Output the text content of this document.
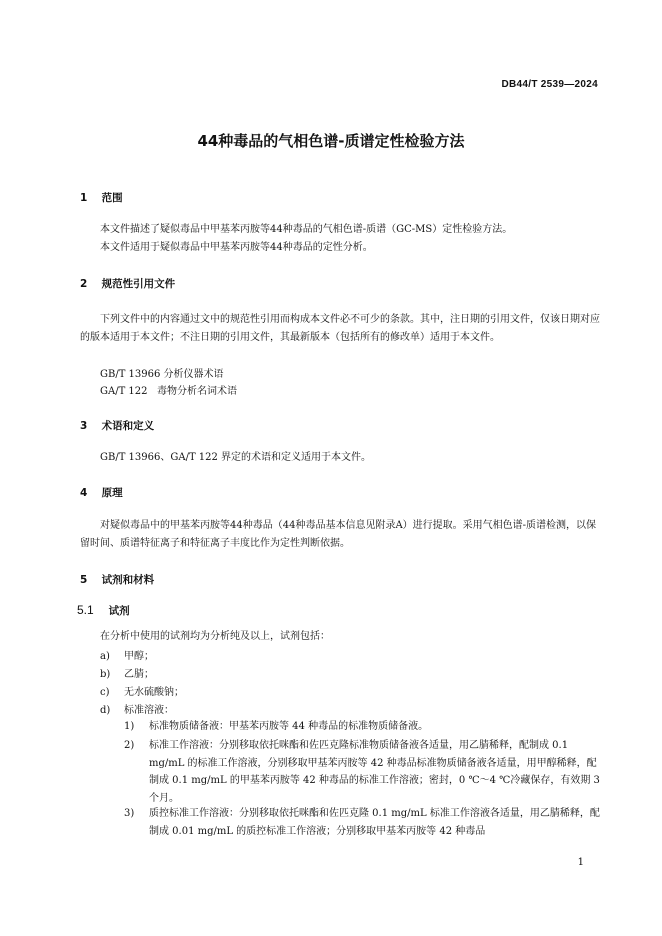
DB44/T 2539—2024
44种毒品的气相色谱-质谱定性检验方法
1 范围
本文件描述了疑似毒品中甲基苯丙胺等44种毒品的气相色谱-质谱（GC-MS）定性检验方法。
本文件适用于疑似毒品中甲基苯丙胺等44种毒品的定性分析。
2 规范性引用文件
下列文件中的内容通过文中的规范性引用而构成本文件必不可少的条款。其中，注日期的引用文件，仅该日期对应的版本适用于本文件；不注日期的引用文件，其最新版本（包括所有的修改单）适用于本文件。
GB/T 13966 分析仪器术语
GA/T 122   毒物分析名词术语
3 术语和定义
GB/T 13966、GA/T 122 界定的术语和定义适用于本文件。
4 原理
对疑似毒品中的甲基苯丙胺等44种毒品（44种毒品基本信息见附录A）进行提取。采用气相色谱-质谱检测，以保留时间、质谱特征离子和特征离子丰度比作为定性判断依据。
5 试剂和材料
5.1 试剂
在分析中使用的试剂均为分析纯及以上，试剂包括：
a) 甲醇；
b) 乙腈；
c) 无水硫酸钠；
d) 标准溶液：
1) 标准物质储备液：甲基苯丙胺等 44 种毒品的标准物质储备液。
2) 标准工作溶液：分别移取依托咪酯和佐匹克隆标准物质储备液各适量，用乙腈稀释，配制成 0.1 mg/mL 的标准工作溶液，分别移取甲基苯丙胺等 42 种毒品标准物质储备液各适量，用甲醇稀释，配制成 0.1 mg/mL 的甲基苯丙胺等 42 种毒品的标准工作溶液；密封，0 ℃～4 ℃冷藏保存，有效期 3 个月。
3) 质控标准工作溶液：分别移取依托咪酯和佐匹克隆 0.1 mg/mL 标准工作溶液各适量，用乙腈稀释，配制成 0.01 mg/mL 的质控标准工作溶液；分别移取甲基苯丙胺等 42 种毒品
1
